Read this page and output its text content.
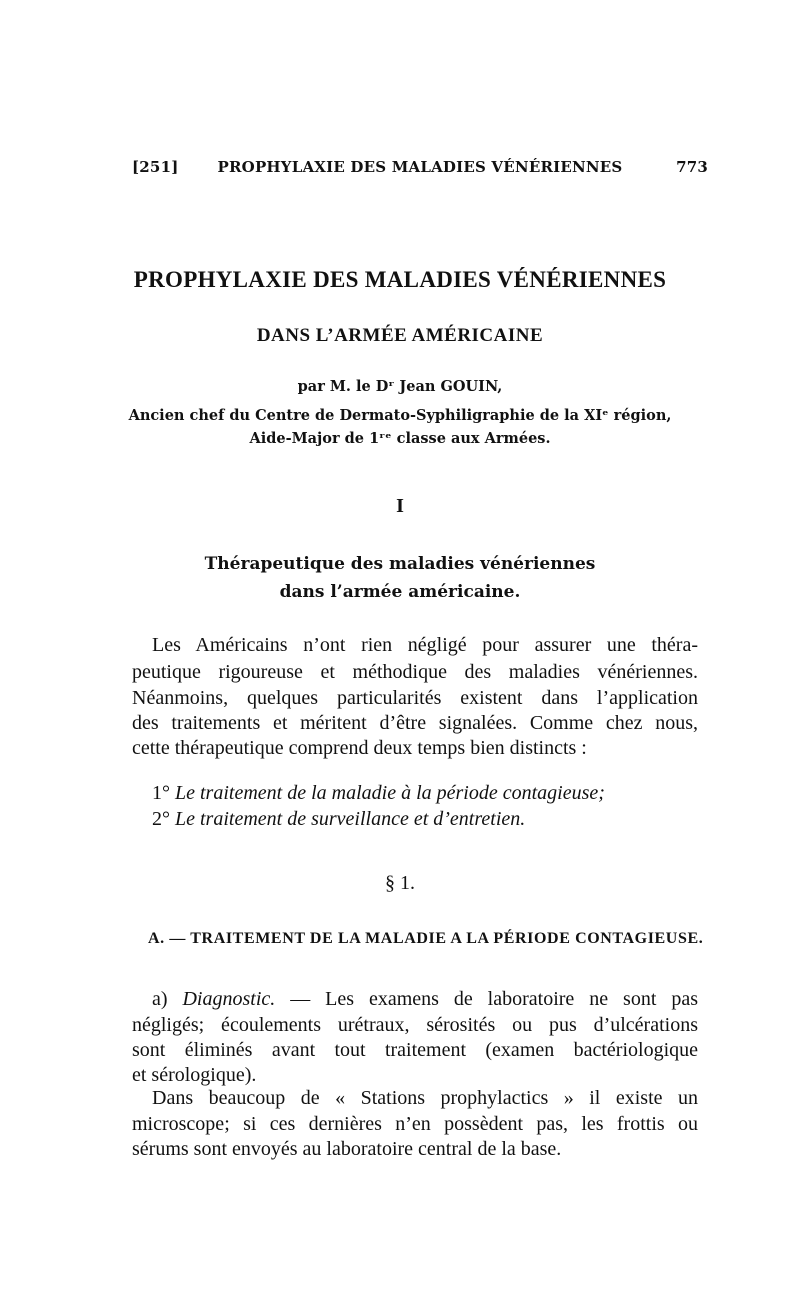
[251]	PROPHYLAXIE DES MALADIES VÉNÉRIENNES	773
PROPHYLAXIE DES MALADIES VÉNÉRIENNES
DANS L’ARMÉE AMÉRICAINE
par M. le Dʳ Jean GOUIN,
Ancien chef du Centre de Dermato-Syphiligraphie de la XIᵉ région,
Aide-Major de 1ʳᵉ classe aux Armées.
I
Thérapeutique des maladies vénériennes
dans l’armée américaine.
Les Américains n’ont rien négligé pour assurer une théra-
peutique rigoureuse et méthodique des maladies vénériennes.
Néanmoins, quelques particularités existent dans l’application
des traitements et méritent d’être signalées. Comme chez nous,
cette thérapeutique comprend deux temps bien distincts :
1° Le traitement de la maladie à la période contagieuse;
2° Le traitement de surveillance et d’entretien.
§ 1.
A. — TRAITEMENT DE LA MALADIE A LA PÉRIODE CONTAGIEUSE.
a) Diagnostic. — Les examens de laboratoire ne sont pas
négligés; écoulements urétraux, sérosités ou pus d’ulcérations
sont éliminés avant tout traitement (examen bactériologique
et sérologique).
Dans beaucoup de « Stations prophylactics » il existe un
microscope; si ces dernières n’en possèdent pas, les frottis ou
sérums sont envoyés au laboratoire central de la base.
